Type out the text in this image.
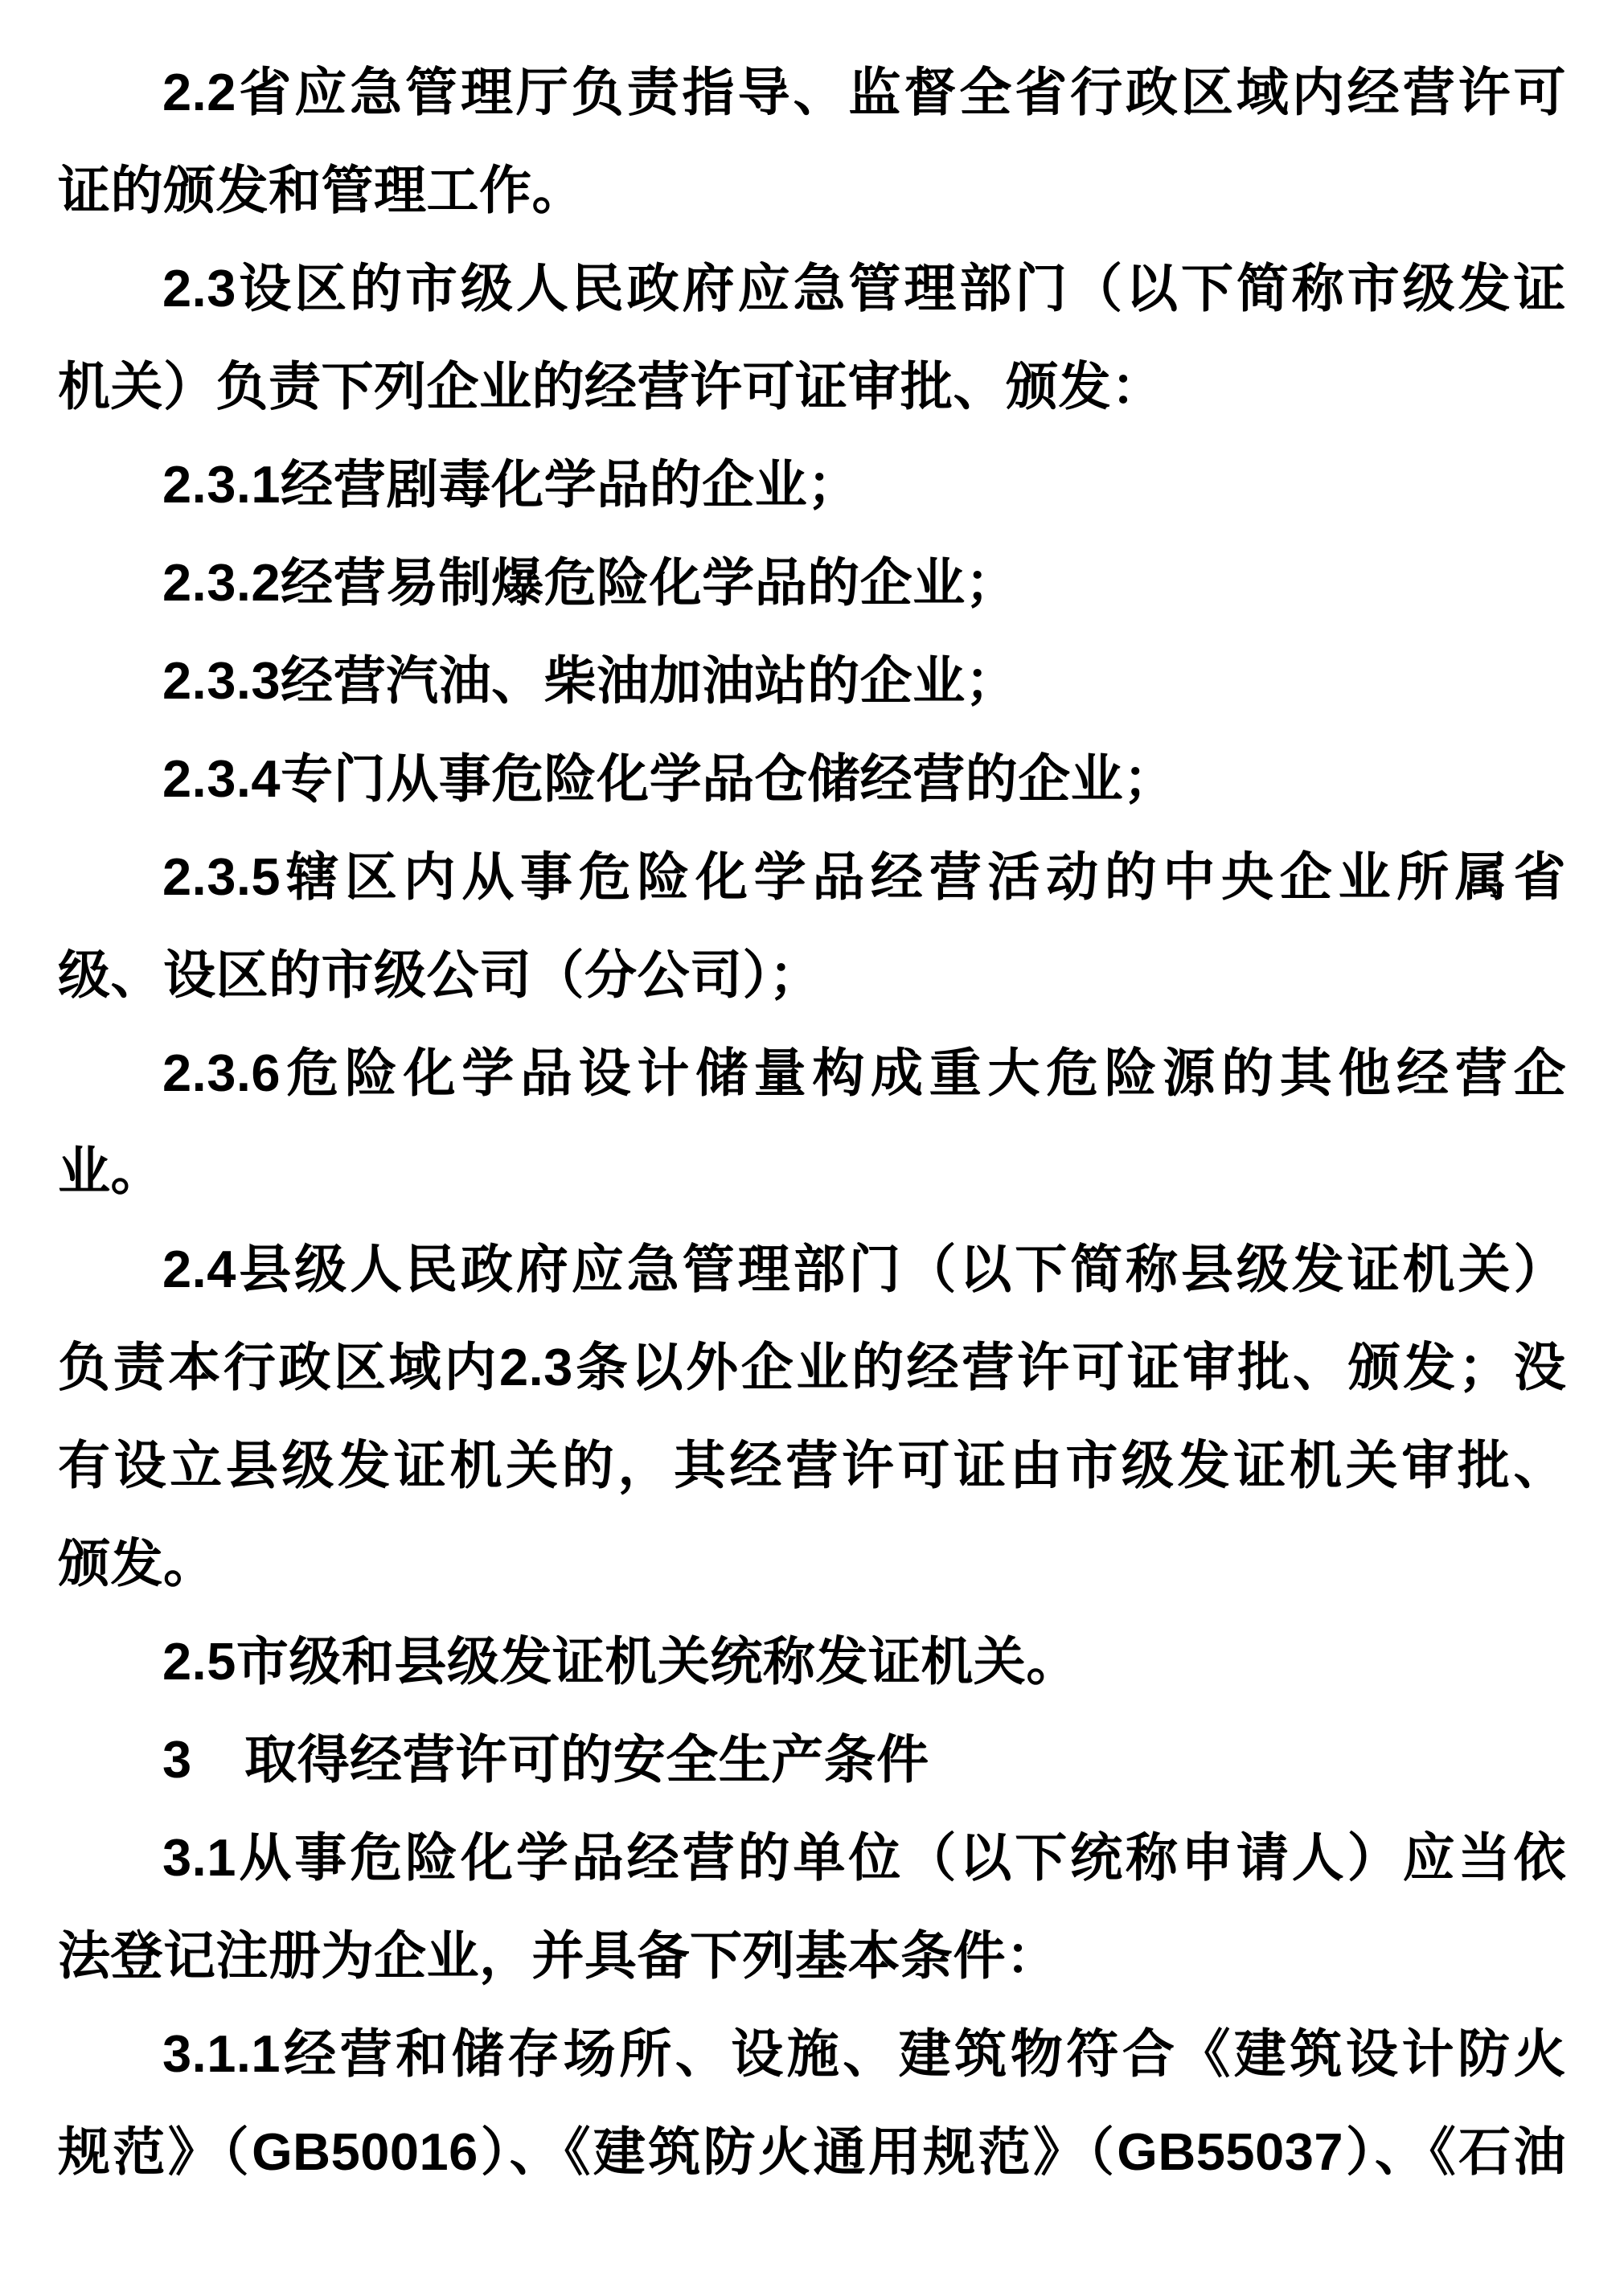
2.2省应急管理厅负责指导、监督全省行政区域内经营许可
证的颁发和管理工作。
2.3设区的市级人民政府应急管理部门（以下简称市级发证
机关）负责下列企业的经营许可证审批、颁发：
2.3.1经营剧毒化学品的企业；
2.3.2经营易制爆危险化学品的企业；
2.3.3经营汽油、柴油加油站的企业；
2.3.4专门从事危险化学品仓储经营的企业；
2.3.5辖区内从事危险化学品经营活动的中央企业所属省
级、设区的市级公司（分公司）；
2.3.6危险化学品设计储量构成重大危险源的其他经营企
业。
2.4县级人民政府应急管理部门（以下简称县级发证机关）
负责本行政区域内2.3条以外企业的经营许可证审批、颁发；没
有设立县级发证机关的，其经营许可证由市级发证机关审批、
颁发。
2.5市级和县级发证机关统称发证机关。
3　取得经营许可的安全生产条件
3.1从事危险化学品经营的单位（以下统称申请人）应当依
法登记注册为企业，并具备下列基本条件：
3.1.1经营和储存场所、设施、建筑物符合《建筑设计防火
规范》（GB50016）、《建筑防火通用规范》（GB55037）、《石油
